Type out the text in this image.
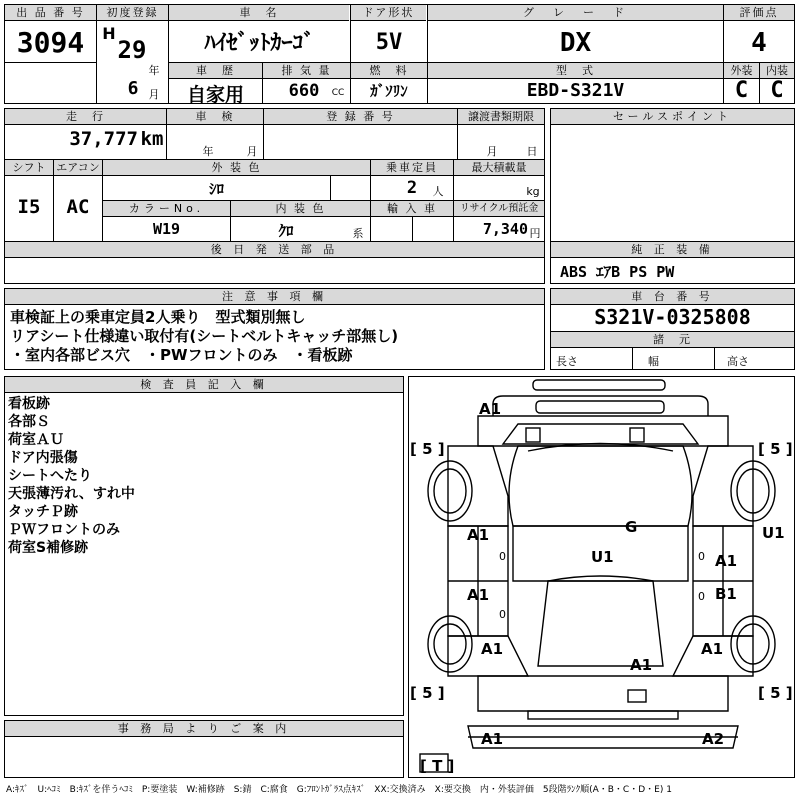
出 品 番 号
3094
初度登録
H
29
年
6 月
車　名
ﾊｲｾﾞｯﾄｶｰｺﾞ
ドア形状
5V
グ　レ　ー　ド
DX
評価点
4
車　歴
自家用
排 気 量
660	CC
燃　料
ｶﾞｿﾘﾝ
型　式
EBD-S321V
外装	内装
C	C
走　行
37,777 km
車　検
年	月
登 録 番 号	譲渡書類期限
月	日
シフト
I5
エアコン
AC
外 装 色
ｼﾛ
乗車定員
2	人
最大積載量
kg
カラーNo.
W19
内 装 色
ｸﾛ	系
輸 入 車	リサイクル預託金
7,340 円
後 日 発 送 部 品
セールスポイント
純 正 装 備
ABS ｴｱB PS PW
注 意 事 項 欄
車検証上の乗車定員2人乗り　型式類別無し
リアシート仕様違い取付有(シートベルトキャッチ部無し)
・室内各部ビス穴　・PWフロントのみ　・看板跡
車 台 番 号
S321V-0325808
諸　元
長さ	幅	高さ
検 査 員 記 入 欄
看板跡
各部Ｓ
荷室ＡＵ
ドア内張傷
シートへたり
天張薄汚れ、すれ中
タッチＰ跡
ＰＷフロントのみ
荷室S補修跡
事 務 局 よ り ご 案 内
[ 5 ]	[ 5 ]
[ 5 ]	[ 5 ]
[ T ]
A1
A1
0
A1
0
A1
G
U1	0 A1
U1
0 B1
A1
A1
A1	A2
A:ｷｽﾞ　U:ﾍｺﾐ　B:ｷｽﾞを伴うﾍｺﾐ　P:要塗装　W:補修跡　S:錆　C:腐食　G:ﾌﾛﾝﾄｶﾞﾗｽ点ｷｽﾞ　XX:交換済み　X:要交換　内・外装評価　5段階ﾗﾝｸ順(A・B・C・D・E) 1
